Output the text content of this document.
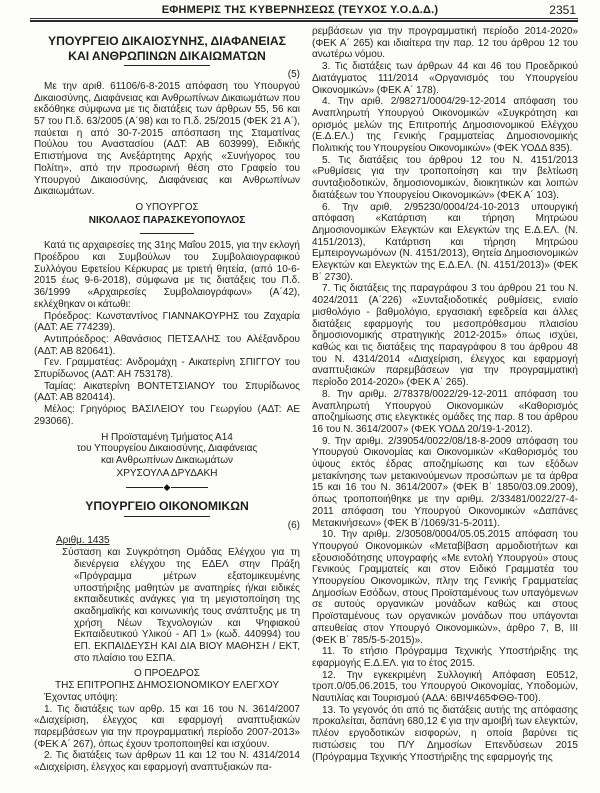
ΕΦΗΜΕΡΙΣ ΤΗΣ ΚΥΒΕΡΝΗΣΕΩΣ (ΤΕΥΧΟΣ Υ.Ο.Δ.Δ.)	2351
ΥΠΟΥΡΓΕΙΟ ΔΙΚΑΙΟΣΥΝΗΣ, ΔΙΑΦΑΝΕΙΑΣ ΚΑΙ ΑΝΘΡΩΠΙΝΩΝ ΔΙΚΑΙΩΜΑΤΩΝ
(5)
Με την αριθ. 61106/6-8-2015 απόφαση του Υπουργού Δικαιοσύνης, Διαφάνειας και Ανθρωπίνων Δικαιωμάτων που εκδόθηκε σύμφωνα με τις διατάξεις των άρθρων 55, 56 και 57 του Π.δ. 63/2005 (Α΄98) και το Π.δ. 25/2015 (ΦΕΚ 21 Α΄), παύεται η από 30-7-2015 απόσπαση της Σταματίνας Πούλου του Αναστασίου (ΑΔΤ: ΑΒ 603999), Ειδικής Επιστήμονα της Ανεξάρτητης Αρχής «Συνήγορος του Πολίτη», από την προσωρινή θέση στο Γραφείο του Υπουργού Δικαιοσύνης, Διαφάνειας και Ανθρωπίνων Δικαιωμάτων.
Ο ΥΠΟΥΡΓΟΣ
ΝΙΚΟΛΑΟΣ ΠΑΡΑΣΚΕΥΟΠΟΥΛΟΣ
Κατά τις αρχαιρεσίες της 31ης Μαΐου 2015, για την εκλογή Προέδρου και Συμβούλων του Συμβολαιογραφικού Συλλόγου Εφετείου Κέρκυρας με τριετή θητεία, (από 10-6-2015 έως 9-6-2018), σύμφωνα με τις διατάξεις του Π.δ. 36/1999 «Αρχαιρεσίες Συμβολαιογράφων» (Α΄42), εκλέχθηκαν οι κάτωθι:
Πρόεδρος: Κωνσταντίνος ΓΙΑΝΝΑΚΟΥΡΗΣ του Ζαχαρία (ΑΔΤ: ΑΕ 774239).
Αντιπρόεδρος: Αθανάσιος ΠΕΤΣΑΛΗΣ του Αλέξανδρου (ΑΔΤ: ΑΒ 820641).
Γεν. Γραμματέας: Ανδρομάχη - Αικατερίνη ΣΠΙΓΓΟΥ του Σπυρίδωνος (ΑΔΤ: ΑΗ 753178).
Ταμίας: Αικατερίνη ΒΟΝΤΕΤΣΙΑΝΟΥ του Σπυρίδωνος (ΑΔΤ: ΑΒ 820414).
Μέλος: Γρηγόριος ΒΑΣΙΛΕΙΟΥ του Γεωργίου (ΑΔΤ: ΑΕ 293066).
Η Προϊσταμένη Τμήματος Α14
του Υπουργείου Δικαιοσύνης, Διαφάνειας
και Ανθρωπίνων Δικαιωμάτων
ΧΡΥΣΟΥΛΑ ΔΡΥΔΑΚΗ
◆
ΥΠΟΥΡΓΕΙΟ ΟΙΚΟΝΟΜΙΚΩΝ
(6)
Αριθμ. 1435
Σύσταση και Συγκρότηση Ομάδας Ελέγχου για τη διενέργεια ελέγχου της ΕΔΕΛ στην Πράξη «Πρόγραμμα μέτρων εξατομικευμένης υποστήριξης μαθητών με αναπηρίες ή/και ειδικές εκπαιδευτικές ανάγκες για τη μεγιστοποίηση της ακαδημαϊκής και κοινωνικής τους ανάπτυξης με τη χρήση Νέων Τεχνολογιών και Ψηφιακού Εκπαιδευτικού Υλικού - ΑΠ 1» (κωδ. 440994) του ΕΠ. ΕΚΠΑΙΔΕΥΣΗ ΚΑΙ ΔΙΑ ΒΙΟΥ ΜΑΘΗΣΗ / ΕΚΤ, στο πλαίσιο του ΕΣΠΑ.
Ο ΠΡΟΕΔΡΟΣ
ΤΗΣ ΕΠΙΤΡΟΠΗΣ ΔΗΜΟΣΙΟΝΟΜΙΚΟΥ ΕΛΕΓΧΟΥ
Έχοντας υπόψη:
1. Τις διατάξεις των αρθρ. 15 και 16 του Ν. 3614/2007 «Διαχείριση, έλεγχος και εφαρμογή αναπτυξιακών παρεμβάσεων για την προγραμματική περίοδο 2007-2013» (ΦΕΚ Α΄ 267), όπως έχουν τροποποιηθεί και ισχύουν.
2. Τις διατάξεις των άρθρων 11 και 12 του Ν. 4314/2014 «Διαχείριση, έλεγχος και εφαρμογή αναπτυξιακών πα-
ρεμβάσεων για την προγραμματική περίοδο 2014-2020» (ΦΕΚ Α΄ 265) και ιδιαίτερα την παρ. 12 του άρθρου 12 του ανωτέρω νόμου.
3. Τις διατάξεις των άρθρων 44 και 46 του Προεδρικού Διατάγματος 111/2014 «Οργανισμός του Υπουργείου Οικονομικών» (ΦΕΚ Α΄ 178).
4. Την αριθ. 2/98271/0004/29-12-2014 απόφαση του Αναπληρωτή Υπουργού Οικονομικών «Συγκρότηση και ορισμός μελών της Επιτροπής Δημοσιονομικού Ελέγχου (Ε.Δ.ΕΛ.) της Γενικής Γραμματείας Δημοσιονομικής Πολιτικής του Υπουργείου Οικονομικών» (ΦΕΚ ΥΟΔΔ 835).
5. Τις διατάξεις του άρθρου 12 του Ν. 4151/2013 «Ρυθμίσεις για την τροποποίηση και την βελτίωση συνταξιοδοτικών, δημοσιονομικών, διοικητικών και λοιπών διατάξεων του Υπουργείου Οικονομικών» (ΦΕΚ Α΄ 103).
6. Την αριθ. 2/95230/0004/24-10-2013 υπουργική απόφαση «Κατάρτιση και τήρηση Μητρώου Δημοσιονομικών Ελεγκτών και Ελεγκτών της Ε.Δ.ΕΛ. (Ν. 4151/2013), Κατάρτιση και τήρηση Μητρώου Εμπειρογνωμόνων (Ν. 4151/2013), Θητεία Δημοσιονομικών Ελεγκτών και Ελεγκτών της Ε.Δ.ΕΛ. (Ν. 4151/2013)» (ΦΕΚ Β΄ 2730).
7. Τις διατάξεις της παραγράφου 3 του άρθρου 21 του Ν. 4024/2011 (Α΄226) «Συνταξιοδοτικές ρυθμίσεις, ενιαίο μισθολόγιο - βαθμολόγιο, εργασιακή εφεδρεία και άλλες διατάξεις εφαρμογής του μεσοπρόθεσμου πλαισίου δημοσιονομικής στρατηγικής 2012-2015» όπως ισχύει, καθώς και τις διατάξεις της παραγράφου 8 του άρθρου 48 του Ν. 4314/2014 «Διαχείριση, έλεγχος και εφαρμογή αναπτυξιακών παρεμβάσεων για την προγραμματική περίοδο 2014-2020» (ΦΕΚ Α΄ 265).
8. Την αριθμ. 2/78378/0022/29-12-2011 απόφαση του Αναπληρωτή Υπουργού Οικονομικών «Καθορισμός αποζημίωσης στις ελεγκτικές ομάδες της παρ. 8 του άρθρου 16 του Ν. 3614/2007» (ΦΕΚ ΥΟΔΔ 20/19-1-2012).
9. Την αριθμ. 2/39054/0022/08/18-8-2009 απόφαση του Υπουργού Οικονομίας και Οικονομικών «Καθορισμός του ύψους εκτός έδρας αποζημίωσης και των εξόδων μετακίνησης των μετακινούμενων προσώπων με τα άρθρα 15 και 16 του Ν. 3614/2007» (ΦΕΚ Β΄ 1850/03.09.2009), όπως τροποποιήθηκε με την αριθμ. 2/33481/0022/27-4-2011 απόφαση του Υπουργού Οικονομικών «Δαπάνες Μετακινήσεων» (ΦΕΚ Β΄/1069/31-5-2011).
10. Την αριθμ. 2/30508/0004/05.05.2015 απόφαση του Υπουργού Οικονομικών «Μεταβίβαση αρμοδιοτήτων και εξουσιοδότησης υπογραφής «Με εντολή Υπουργού» στους Γενικούς Γραμματείς και στον Ειδικό Γραμματέα του Υπουργείου Οικονομικών, πλην της Γενικής Γραμματείας Δημοσίων Εσόδων, στους Προϊσταμένους των υπαγόμενων σε αυτούς οργανικών μονάδων καθώς και στους Προϊσταμένους των οργανικών μονάδων που υπάγονται απευθείας στον Υπουργό Οικονομικών», άρθρο 7, Β, ΙΙΙ (ΦΕΚ Β΄ 785/5-5-2015)».
11. Το ετήσιο Πρόγραμμα Τεχνικής Υποστήριξης της εφαρμογής Ε.Δ.ΕΛ. για το έτος 2015.
12. Την εγκεκριμένη Συλλογική Απόφαση Ε0512, τροπ.0/05.06.2015, του Υπουργού Οικονομίας, Υποδομών, Ναυτιλίας και Τουρισμού (ΑΔΑ: 6ΒΙΨ465ΦΘΘ-Τ00).
13. Το γεγονός ότι από τις διατάξεις αυτής της απόφασης προκαλείται, δαπάνη 680,12 € για την αμοιβή των ελεγκτών, πλέον εργοδοτικών εισφορών, η οποία βαρύνει τις πιστώσεις του Π/Υ Δημοσίων Επενδύσεων 2015 (Πρόγραμμα Τεχνικής Υποστήριξης της εφαρμογής της
